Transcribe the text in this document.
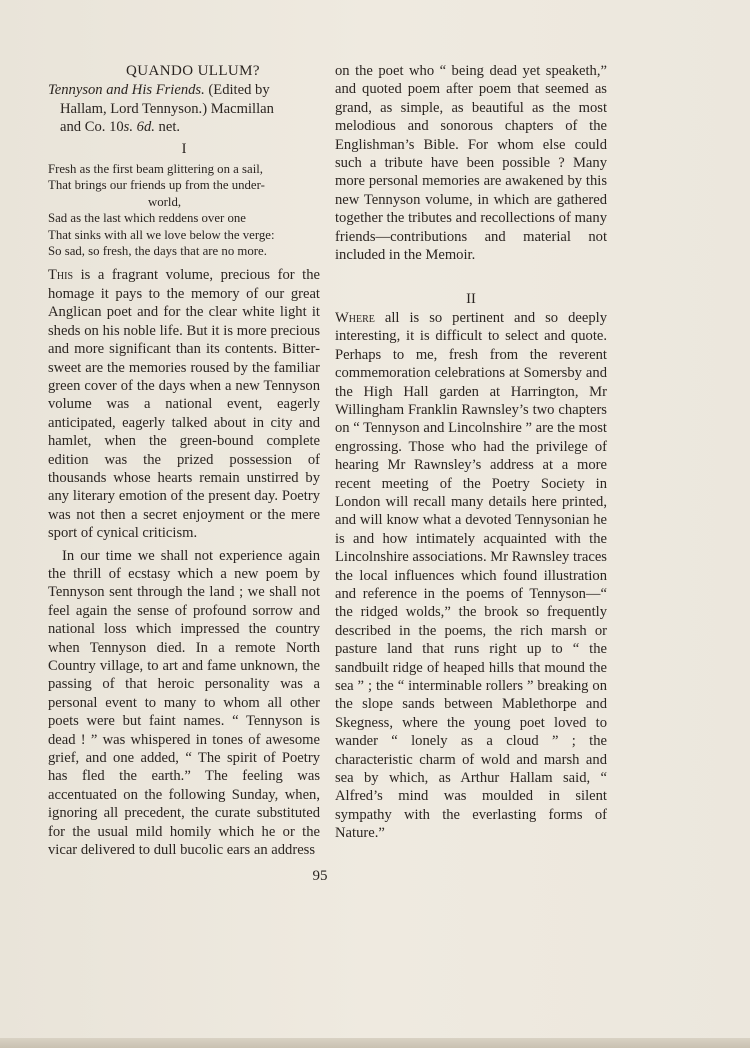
QUANDO ULLUM?
Tennyson and His Friends. (Edited by
Hallam, Lord Tennyson.) Macmillan
and Co. 10s. 6d. net.
I
Fresh as the first beam glittering on a sail,
That brings our friends up from the under-
world,
Sad as the last which reddens over one
That sinks with all we love below the verge:
So sad, so fresh, the days that are no more.

This is a fragrant volume, precious for the homage it pays to the memory of our great Anglican poet and for the clear white light it sheds on his noble life. But it is more precious and more significant than its contents. Bitter-sweet are the memories roused by the familiar green cover of the days when a new Tennyson volume was a national event, eagerly anticipated, eagerly talked about in city and hamlet, when the green-bound complete edition was the prized possession of thousands whose hearts remain unstirred by any literary emotion of the present day. Poetry was not then a secret enjoyment or the mere sport of cynical criticism.

In our time we shall not experience again the thrill of ecstasy which a new poem by Tennyson sent through the land ; we shall not feel again the sense of profound sorrow and national loss which impressed the country when Tennyson died. In a remote North Country village, to art and fame unknown, the passing of that heroic personality was a personal event to many to whom all other poets were but faint names. “ Tennyson is dead ! ” was whispered in tones of awesome grief, and one added, “ The spirit of Poetry has fled the earth.” The feeling was accentuated on the following Sunday, when, ignoring all precedent, the curate substituted for the usual mild homily which he or the vicar delivered to dull bucolic ears an address

on the poet who “ being dead yet speaketh,” and quoted poem after poem that seemed as grand, as simple, as beautiful as the most melodious and sonorous chapters of the Englishman’s Bible. For whom else could such a tribute have been possible ? Many more personal memories are awakened by this new Tennyson volume, in which are gathered together the tributes and recollections of many friends—contributions and material not included in the Memoir.

II

Where all is so pertinent and so deeply interesting, it is difficult to select and quote. Perhaps to me, fresh from the reverent commemoration celebrations at Somersby and the High Hall garden at Harrington, Mr Willingham Franklin Rawnsley’s two chapters on “ Tennyson and Lincolnshire ” are the most engrossing. Those who had the privilege of hearing Mr Rawnsley’s address at a more recent meeting of the Poetry Society in London will recall many details here printed, and will know what a devoted Tennysonian he is and how intimately acquainted with the Lincolnshire associations. Mr Rawnsley traces the local influences which found illustration and reference in the poems of Tennyson—“ the ridged wolds,” the brook so frequently described in the poems, the rich marsh or pasture land that runs right up to “ the sandbuilt ridge of heaped hills that mound the sea ” ; the “ interminable rollers ” breaking on the slope sands between Mablethorpe and Skegness, where the young poet loved to wander “ lonely as a cloud ” ; the characteristic charm of wold and marsh and sea by which, as Arthur Hallam said, “ Alfred’s mind was moulded in silent sympathy with the everlasting forms of Nature.”

95
